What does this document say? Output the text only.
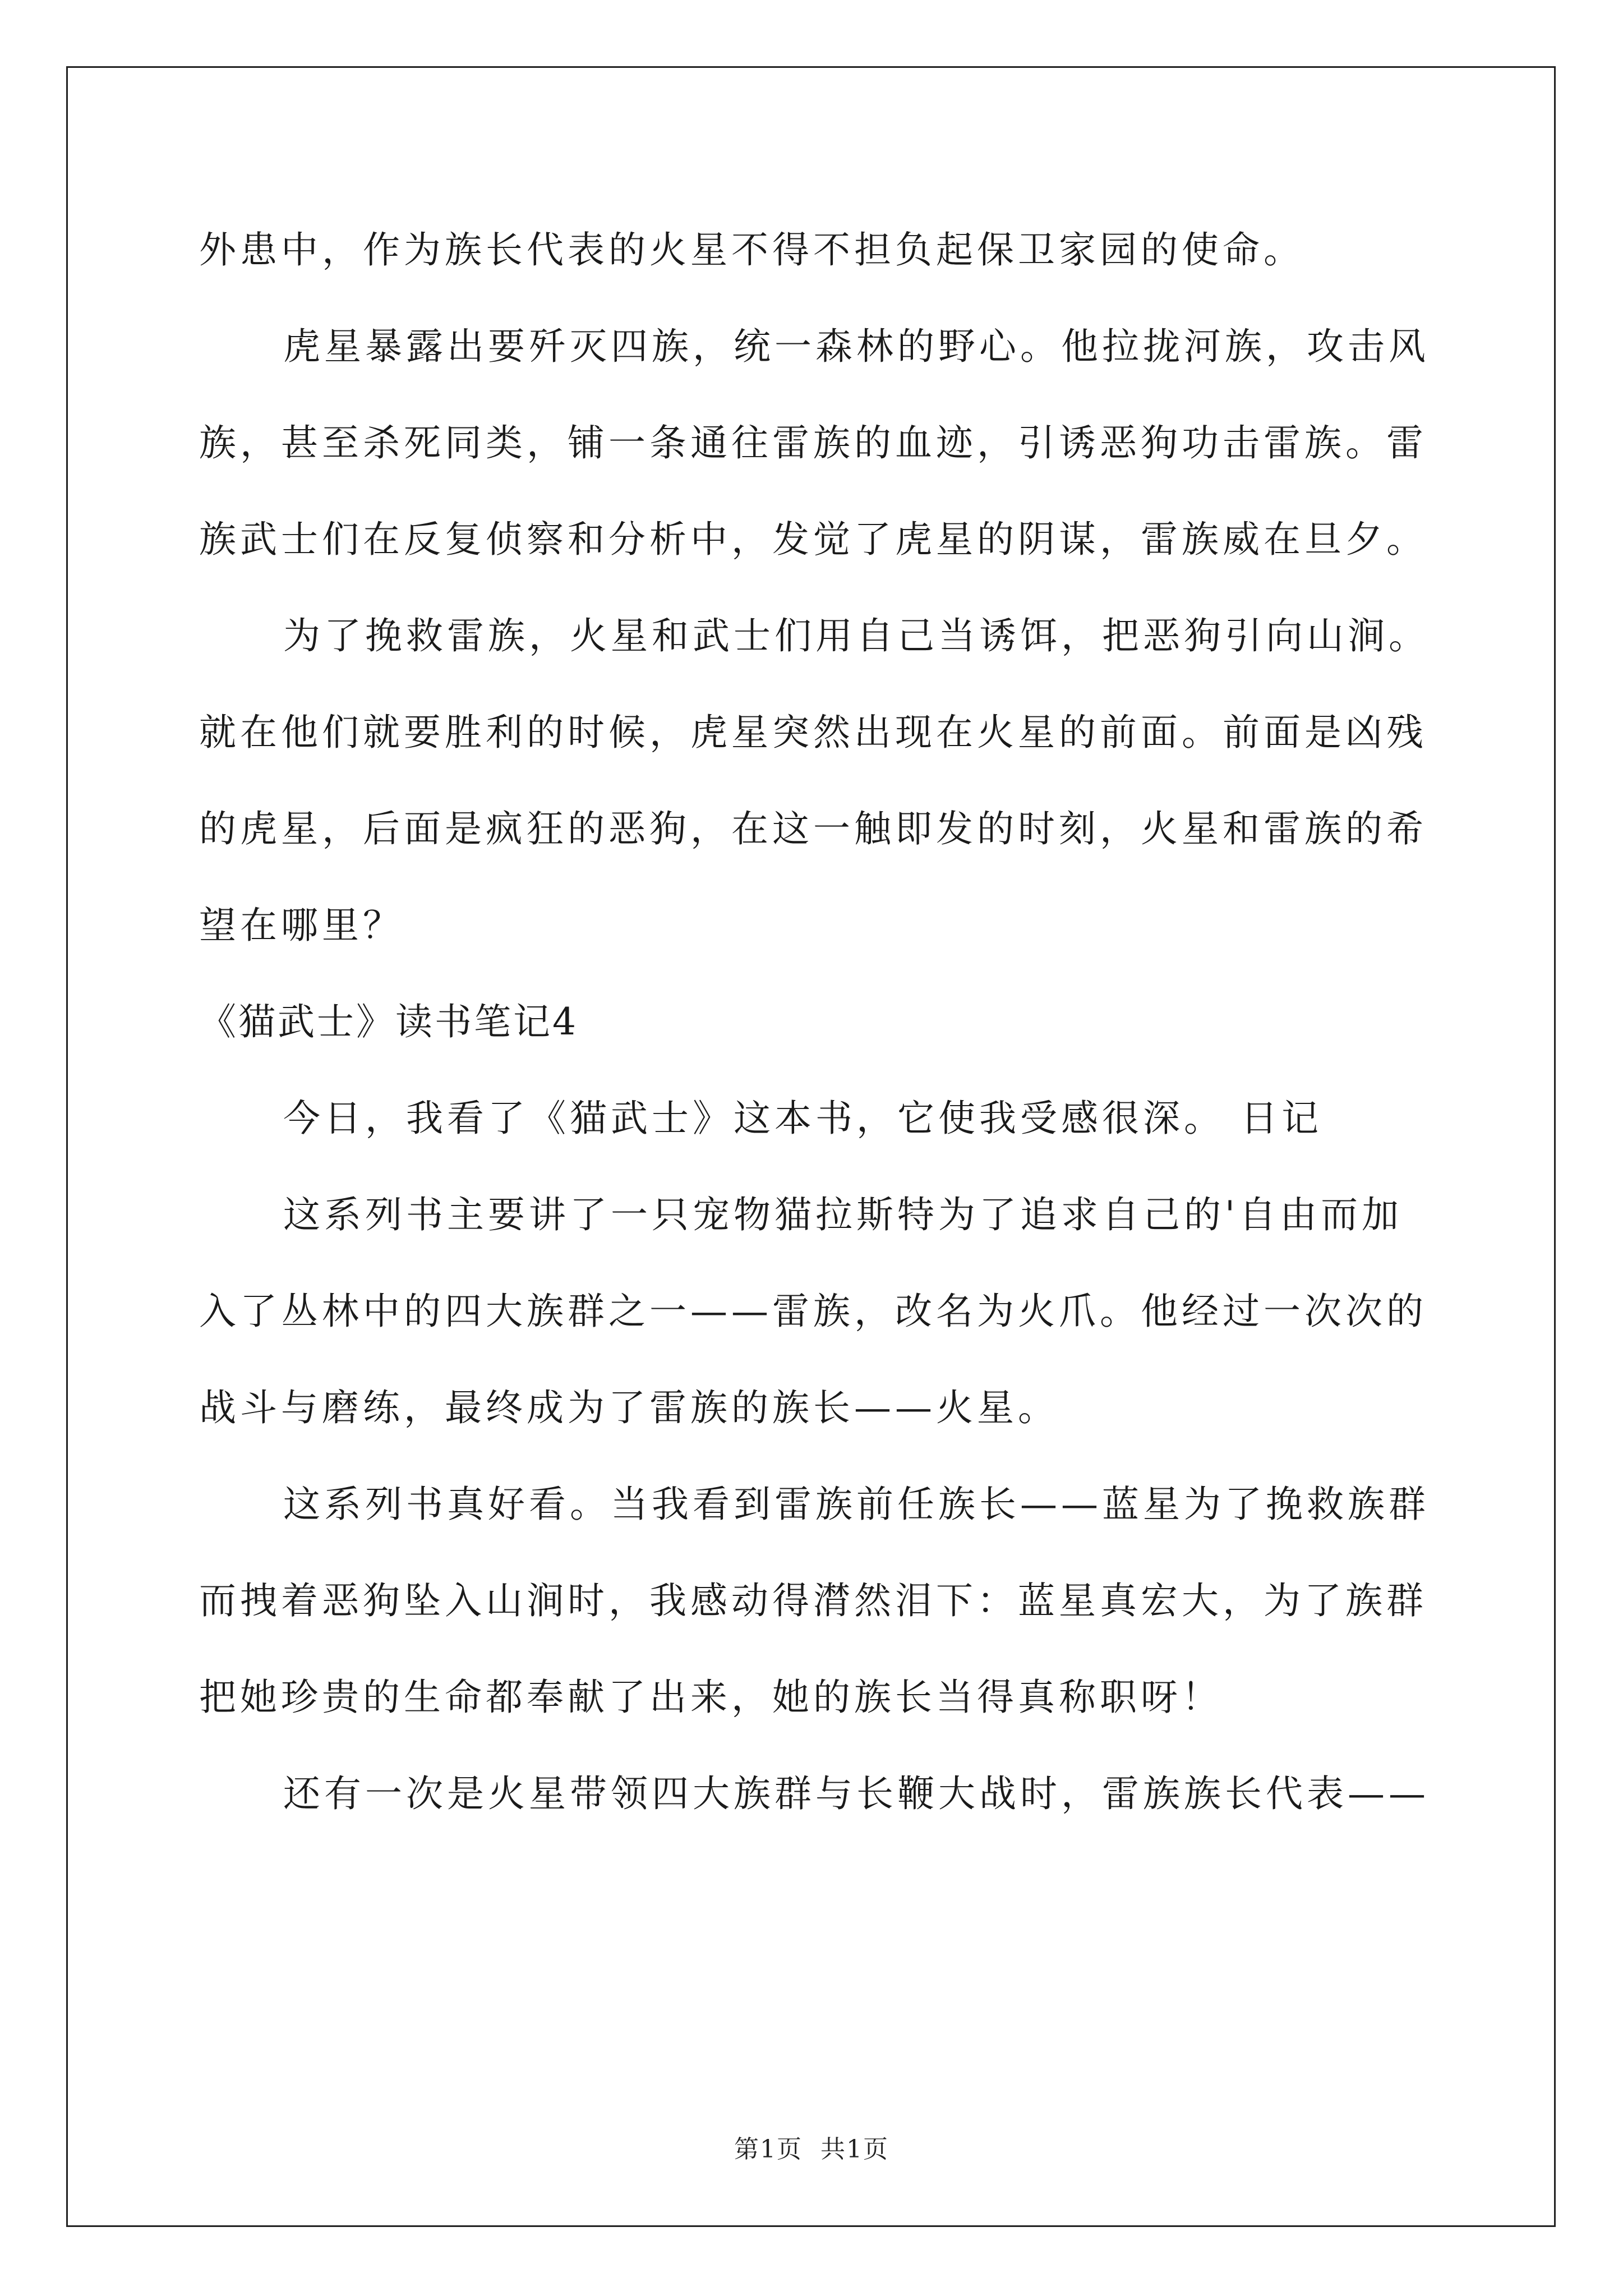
外患中，作为族长代表的火星不得不担负起保卫家园的使命。
虎星暴露出要歼灭四族，统一森林的野心。他拉拢河族，攻击风
族，甚至杀死同类，铺一条通往雷族的血迹，引诱恶狗功击雷族。雷
族武士们在反复侦察和分析中，发觉了虎星的阴谋，雷族威在旦夕。
为了挽救雷族，火星和武士们用自己当诱饵，把恶狗引向山涧。
就在他们就要胜利的时候，虎星突然出现在火星的前面。前面是凶残
的虎星，后面是疯狂的恶狗，在这一触即发的时刻，火星和雷族的希
望在哪里？
《猫武士》读书笔记4
今日，我看了《猫武士》这本书，它使我受感很深。 日记
这系列书主要讲了一只宠物猫拉斯特为了追求自己的'自由而加
入了丛林中的四大族群之一——雷族，改名为火爪。他经过一次次的
战斗与磨练，最终成为了雷族的族长——火星。
这系列书真好看。当我看到雷族前任族长——蓝星为了挽救族群
而拽着恶狗坠入山涧时，我感动得潸然泪下：蓝星真宏大，为了族群
把她珍贵的生命都奉献了出来，她的族长当得真称职呀！
还有一次是火星带领四大族群与长鞭大战时，雷族族长代表——
第1页  共1页
